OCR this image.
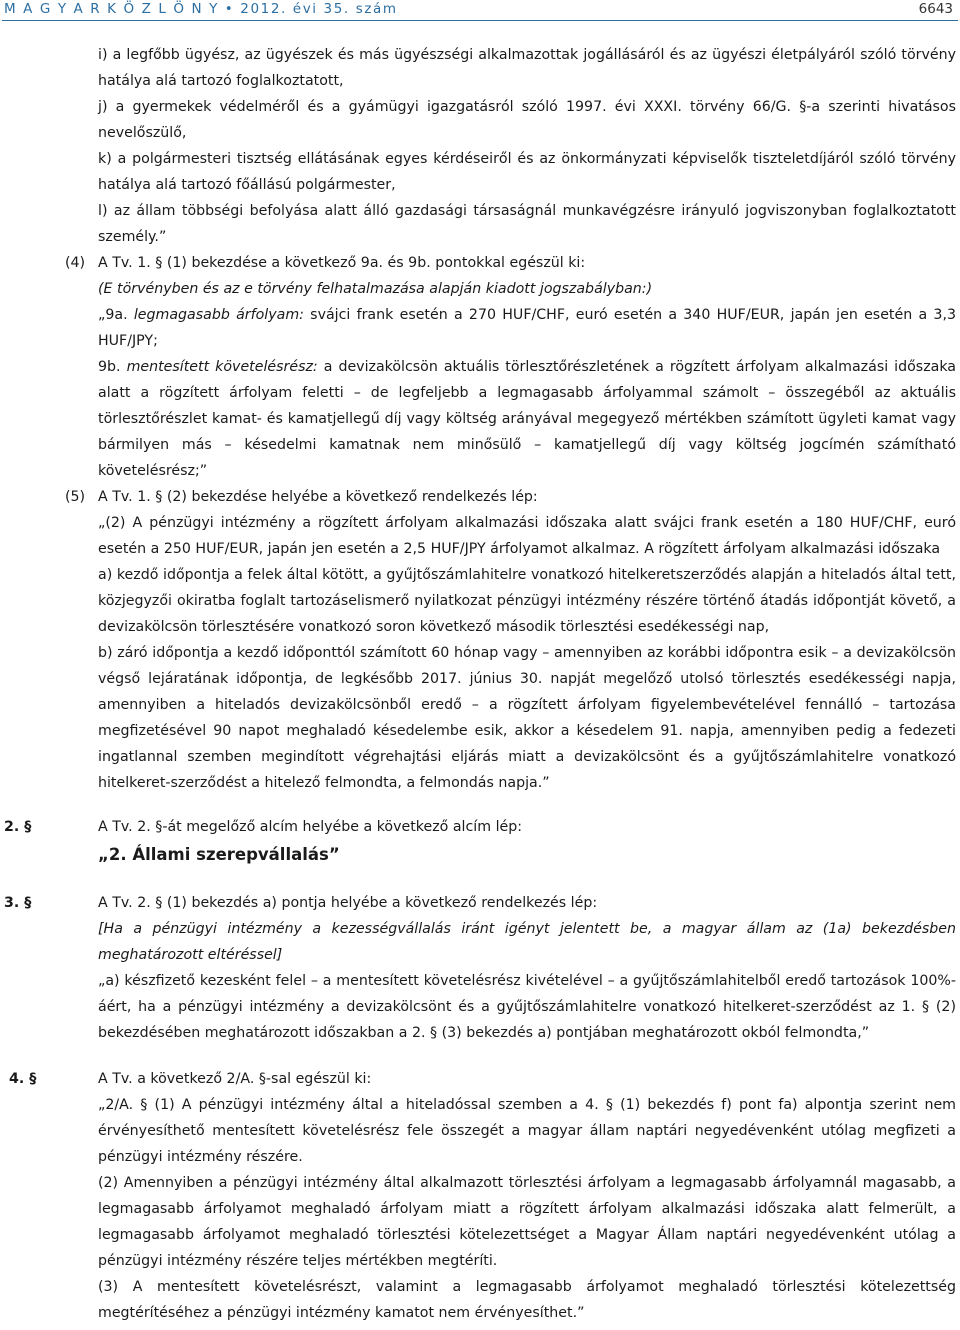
M A G Y A R K Ö Z L Ö N Y • 2012. évi 35. szám	6643

i) a legfőbb ügyész, az ügyészek és más ügyészségi alkalmazottak jogállásáról és az ügyészi életpályáról szóló törvény hatálya alá tartozó foglalkoztatott,

j) a gyermekek védelméről és a gyámügyi igazgatásról szóló 1997. évi XXXI. törvény 66/G. §-a szerinti hivatásos nevelőszülő,

k) a polgármesteri tisztség ellátásának egyes kérdéseiről és az önkormányzati képviselők tiszteletdíjáról szóló törvény hatálya alá tartozó főállású polgármester,

l) az állam többségi befolyása alatt álló gazdasági társaságnál munkavégzésre irányuló jogviszonyban foglalkoztatott személy.”

(4) A Tv. 1. § (1) bekezdése a következő 9a. és 9b. pontokkal egészül ki:

(E törvényben és az e törvény felhatalmazása alapján kiadott jogszabályban:)

„9a. legmagasabb árfolyam: svájci frank esetén a 270 HUF/CHF, euró esetén a 340 HUF/EUR, japán jen esetén a 3,3 HUF/JPY;

9b. mentesített követelésrész: a devizakölcsön aktuális törlesztőrészletének a rögzített árfolyam alkalmazási időszaka alatt a rögzített árfolyam feletti – de legfeljebb a legmagasabb árfolyammal számolt – összegéből az aktuális törlesztőrészlet kamat- és kamatjellegű díj vagy költség arányával megegyező mértékben számított ügyleti kamat vagy bármilyen más – késedelmi kamatnak nem minősülő – kamatjellegű díj vagy költség jogcímén számítható követelésrész;”

(5) A Tv. 1. § (2) bekezdése helyébe a következő rendelkezés lép:

„(2) A pénzügyi intézmény a rögzített árfolyam alkalmazási időszaka alatt svájci frank esetén a 180 HUF/CHF, euró esetén a 250 HUF/EUR, japán jen esetén a 2,5 HUF/JPY árfolyamot alkalmaz. A rögzített árfolyam alkalmazási időszaka

a) kezdő időpontja a felek által kötött, a gyűjtőszámlahitelre vonatkozó hitelkeretszerződés alapján a hiteladós által tett, közjegyzői okiratba foglalt tartozáselismerő nyilatkozat pénzügyi intézmény részére történő átadás időpontját követő, a devizakölcsön törlesztésére vonatkozó soron következő második törlesztési esedékességi nap,

b) záró időpontja a kezdő időponttól számított 60 hónap vagy – amennyiben az korábbi időpontra esik – a devizakölcsön végső lejáratának időpontja, de legkésőbb 2017. június 30. napját megelőző utolsó törlesztés esedékességi napja, amennyiben a hiteladós devizakölcsönből eredő – a rögzített árfolyam figyelembevételével fennálló – tartozása megfizetésével 90 napot meghaladó késedelembe esik, akkor a késedelem 91. napja, amennyiben pedig a fedezeti ingatlannal szemben megindított végrehajtási eljárás miatt a devizakölcsönt és a gyűjtőszámlahitelre vonatkozó hitelkeret-szerződést a hitelező felmondta, a felmondás napja.”

2. §	A Tv. 2. §-át megelőző alcím helyébe a következő alcím lép:

„2. Állami szerepvállalás”

3. §	A Tv. 2. § (1) bekezdés a) pontja helyébe a következő rendelkezés lép:

[Ha a pénzügyi intézmény a kezességvállalás iránt igényt jelentett be, a magyar állam az (1a) bekezdésben meghatározott eltéréssel]

„a) készfizető kezesként felel – a mentesített követelésrész kivételével – a gyűjtőszámlahitelből eredő tartozások 100%-áért, ha a pénzügyi intézmény a devizakölcsönt és a gyűjtőszámlahitelre vonatkozó hitelkeret-szerződést az 1. § (2) bekezdésében meghatározott időszakban a 2. § (3) bekezdés a) pontjában meghatározott okból felmondta,”

4. §	A Tv. a következő 2/A. §-sal egészül ki:

„2/A. § (1) A pénzügyi intézmény által a hiteladóssal szemben a 4. § (1) bekezdés f) pont fa) alpontja szerint nem érvényesíthető mentesített követelésrész fele összegét a magyar állam naptári negyedévenként utólag megfizeti a pénzügyi intézmény részére.

(2) Amennyiben a pénzügyi intézmény által alkalmazott törlesztési árfolyam a legmagasabb árfolyamnál magasabb, a legmagasabb árfolyamot meghaladó árfolyam miatt a rögzített árfolyam alkalmazási időszaka alatt felmerült, a legmagasabb árfolyamot meghaladó törlesztési kötelezettséget a Magyar Állam naptári negyedévenként utólag a pénzügyi intézmény részére teljes mértékben megtéríti.

(3) A mentesített követelésrészt, valamint a legmagasabb árfolyamot meghaladó törlesztési kötelezettség megtérítéséhez a pénzügyi intézmény kamatot nem érvényesíthet.”
